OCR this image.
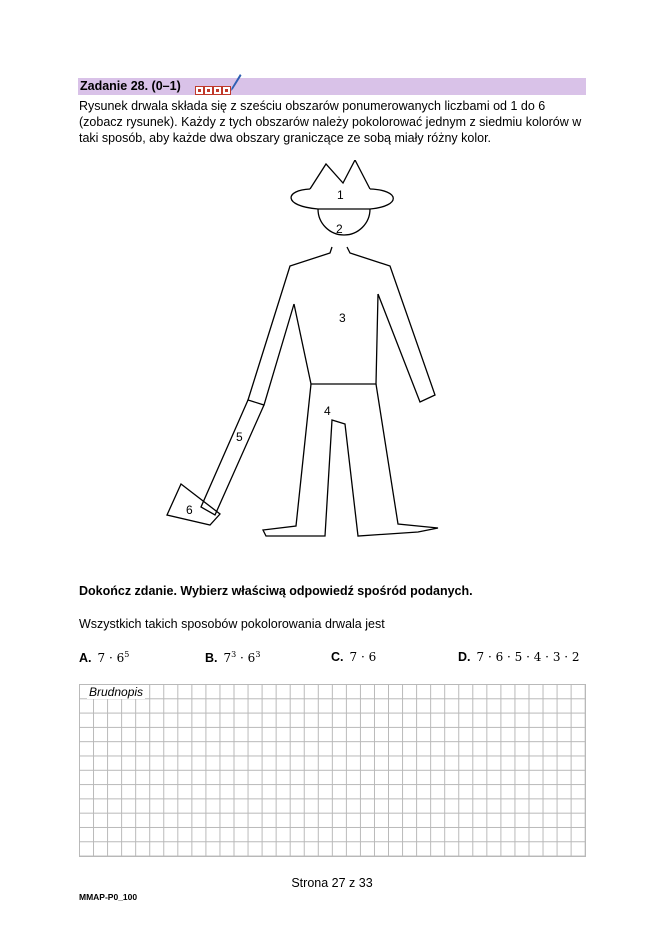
Zadanie 28. (0–1)
Rysunek drwala składa się z sześciu obszarów ponumerowanych liczbami od 1 do 6 (zobacz rysunek). Każdy z tych obszarów należy pokolorować jednym z siedmiu kolorów w taki sposób, aby każde dwa obszary graniczące ze sobą miały różny kolor.
1
2
3
4
5
6
Dokończ zdanie. Wybierz właściwą odpowiedź spośród podanych.
Wszystkich takich sposobów pokolorowania drwala jest
A. $7 \cdot 6^5$	B. $7^3 \cdot 6^3$	C. 7 · 6	D. 7 · 6 · 5 · 4 · 3 · 2
Brudnopis
Strona 27 z 33
MMAP-P0_100
